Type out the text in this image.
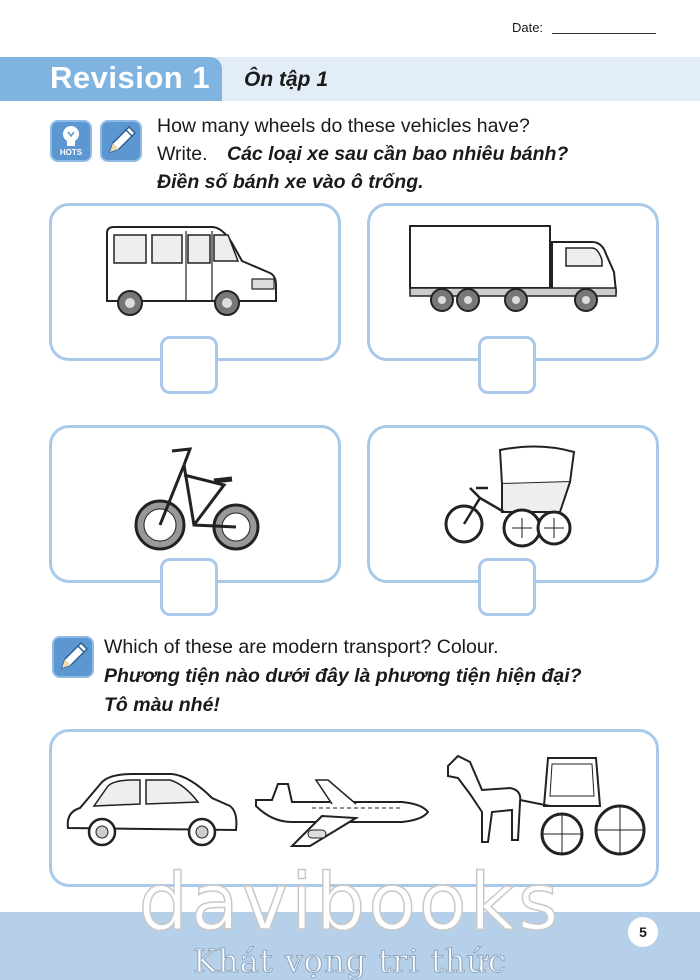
Date:
Revision 1 Ôn tập 1
HOTS
How many wheels do these vehicles have?
Write. Các loại xe sau cần bao nhiêu bánh?
Điền số bánh xe vào ô trống.
Which of these are modern transport? Colour.
Phương tiện nào dưới đây là phương tiện hiện đại?
Tô màu nhé!
davibooks
Khát vọng tri thức
5
